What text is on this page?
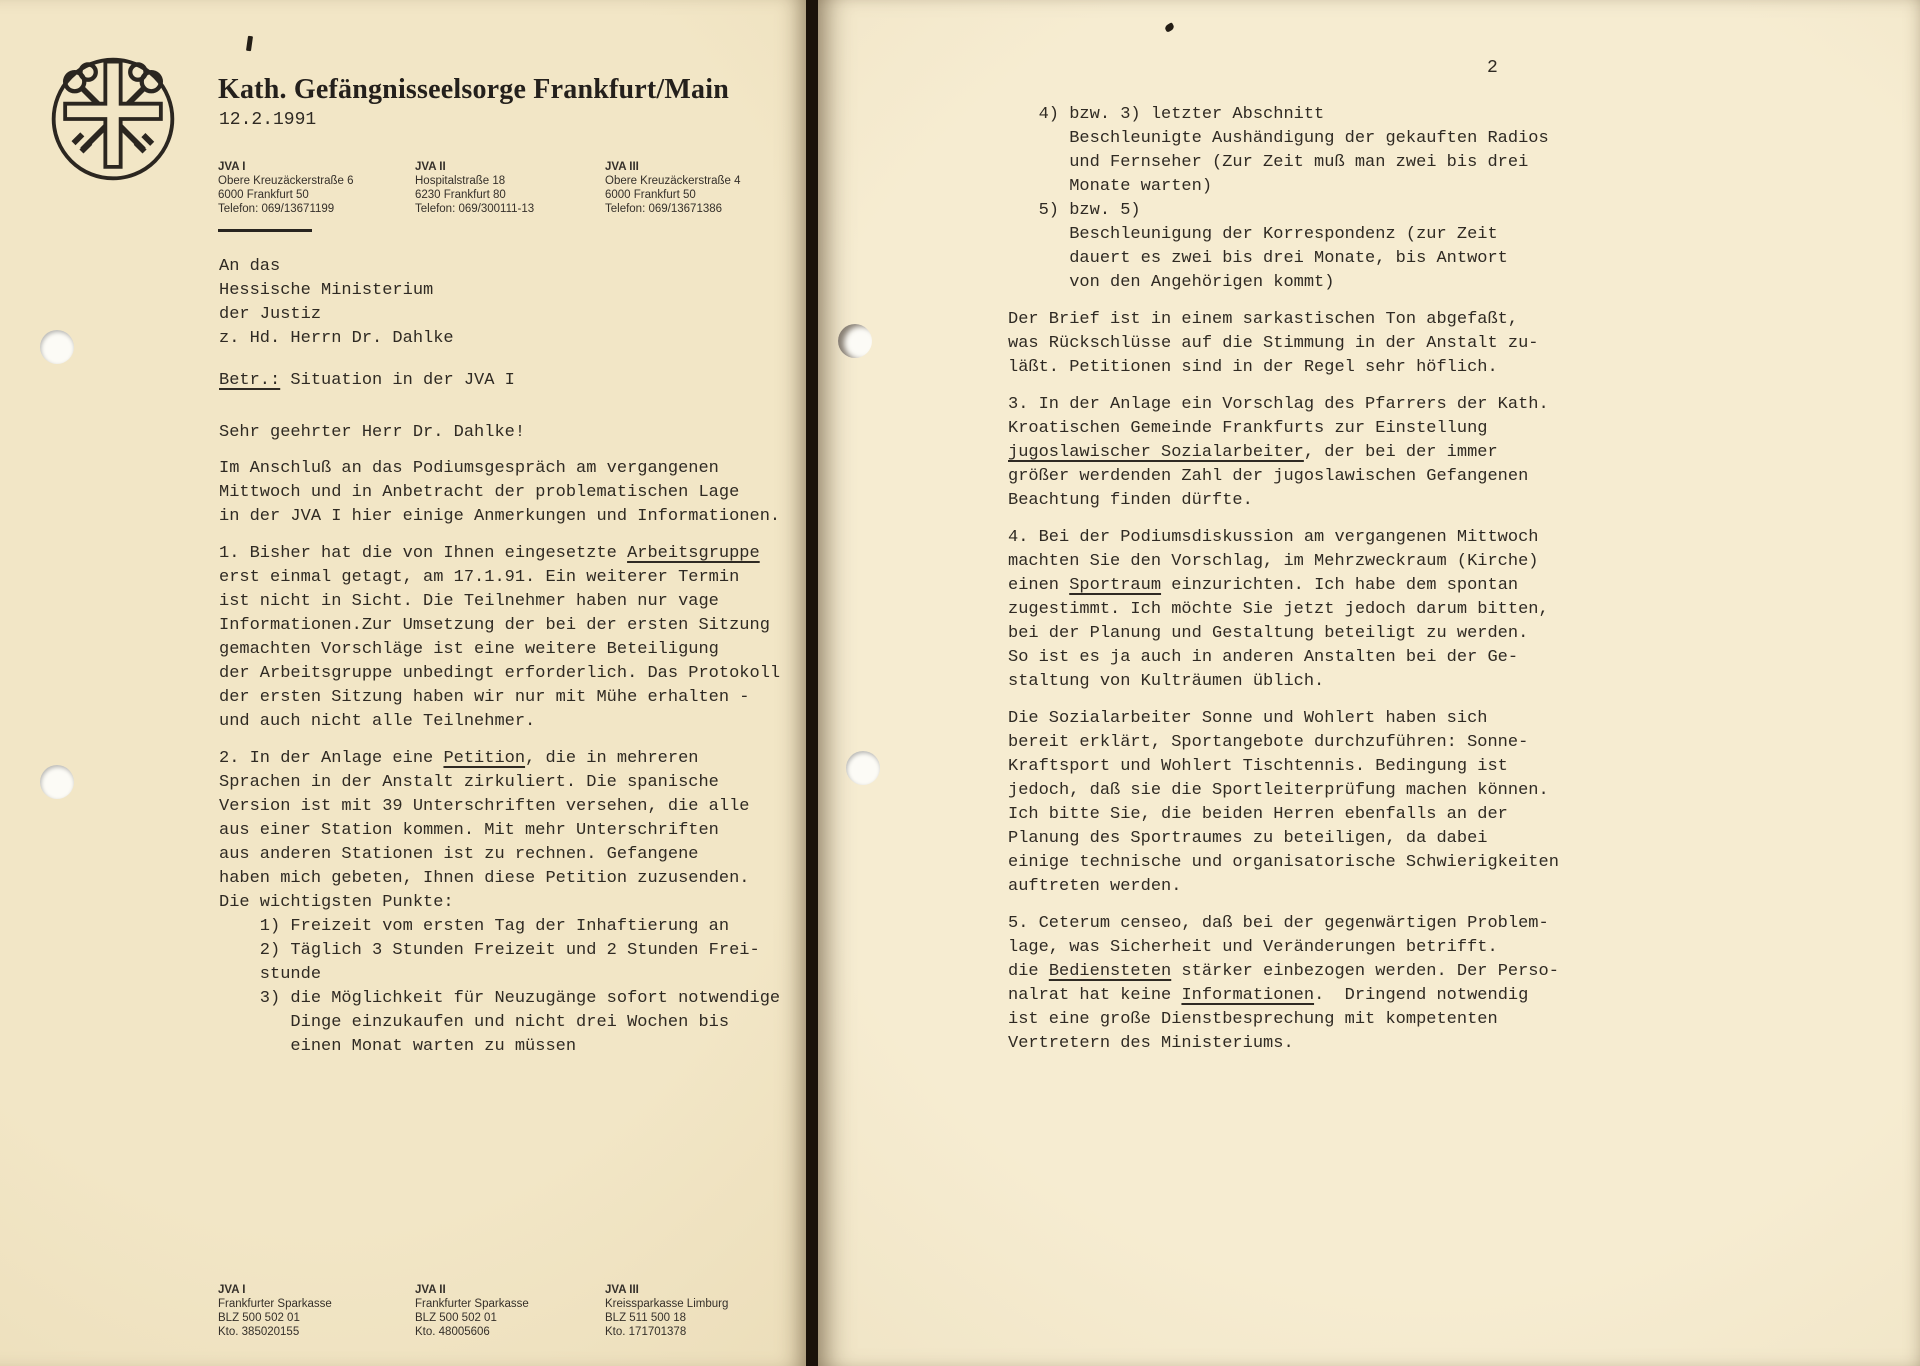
Kath. Gefängnisseelsorge Frankfurt/Main
12.2.1991
JVA I
Obere Kreuzäckerstraße 6
6000 Frankfurt 50
Telefon: 069/13671199
JVA II
Hospitalstraße 18
6230 Frankfurt 80
Telefon: 069/300111-13
JVA III
Obere Kreuzäckerstraße 4
6000 Frankfurt 50
Telefon: 069/13671386
An das
Hessische Ministerium
der Justiz
z. Hd. Herrn Dr. Dahlke
Betr.: Situation in der JVA I
Sehr geehrter Herr Dr. Dahlke!
Im Anschluß an das Podiumsgespräch am vergangenen
Mittwoch und in Anbetracht der problematischen Lage
in der JVA I hier einige Anmerkungen und Informationen.
1. Bisher hat die von Ihnen eingesetzte Arbeitsgruppe
erst einmal getagt, am 17.1.91. Ein weiterer Termin
ist nicht in Sicht. Die Teilnehmer haben nur vage
Informationen.Zur Umsetzung der bei der ersten Sitzung
gemachten Vorschläge ist eine weitere Beteiligung
der Arbeitsgruppe unbedingt erforderlich. Das Protokoll
der ersten Sitzung haben wir nur mit Mühe erhalten -
und auch nicht alle Teilnehmer.
2. In der Anlage eine Petition, die in mehreren
Sprachen in der Anstalt zirkuliert. Die spanische
Version ist mit 39 Unterschriften versehen, die alle
aus einer Station kommen. Mit mehr Unterschriften
aus anderen Stationen ist zu rechnen. Gefangene
haben mich gebeten, Ihnen diese Petition zuzusenden.
Die wichtigsten Punkte:
1) Freizeit vom ersten Tag der Inhaftierung an
2) Täglich 3 Stunden Freizeit und 2 Stunden Frei-
stunde
3) die Möglichkeit für Neuzugänge sofort notwendige
Dinge einzukaufen und nicht drei Wochen bis
einen Monat warten zu müssen
JVA I
Frankfurter Sparkasse
BLZ 500 502 01
Kto. 385020155
JVA II
Frankfurter Sparkasse
BLZ 500 502 01
Kto. 48005606
JVA III
Kreissparkasse Limburg
BLZ 511 500 18
Kto. 171701378
2
4) bzw. 3) letzter Abschnitt
Beschleunigte Aushändigung der gekauften Radios
und Fernseher (Zur Zeit muß man zwei bis drei
Monate warten)
5) bzw. 5)
Beschleunigung der Korrespondenz (zur Zeit
dauert es zwei bis drei Monate, bis Antwort
von den Angehörigen kommt)
Der Brief ist in einem sarkastischen Ton abgefaßt,
was Rückschlüsse auf die Stimmung in der Anstalt zu-
läßt. Petitionen sind in der Regel sehr höflich.
3. In der Anlage ein Vorschlag des Pfarrers der Kath.
Kroatischen Gemeinde Frankfurts zur Einstellung
jugoslawischer Sozialarbeiter, der bei der immer
größer werdenden Zahl der jugoslawischen Gefangenen
Beachtung finden dürfte.
4. Bei der Podiumsdiskussion am vergangenen Mittwoch
machten Sie den Vorschlag, im Mehrzweckraum (Kirche)
einen Sportraum einzurichten. Ich habe dem spontan
zugestimmt. Ich möchte Sie jetzt jedoch darum bitten,
bei der Planung und Gestaltung beteiligt zu werden.
So ist es ja auch in anderen Anstalten bei der Ge-
staltung von Kulträumen üblich.
Die Sozialarbeiter Sonne und Wohlert haben sich
bereit erklärt, Sportangebote durchzuführen: Sonne-
Kraftsport und Wohlert Tischtennis. Bedingung ist
jedoch, daß sie die Sportleiterprüfung machen können.
Ich bitte Sie, die beiden Herren ebenfalls an der
Planung des Sportraumes zu beteiligen, da dabei
einige technische und organisatorische Schwierigkeiten
auftreten werden.
5. Ceterum censeo, daß bei der gegenwärtigen Problem-
lage, was Sicherheit und Veränderungen betrifft.
die Bediensteten stärker einbezogen werden. Der Perso-
nalrat hat keine Informationen.  Dringend notwendig
ist eine große Dienstbesprechung mit kompetenten
Vertretern des Ministeriums.
